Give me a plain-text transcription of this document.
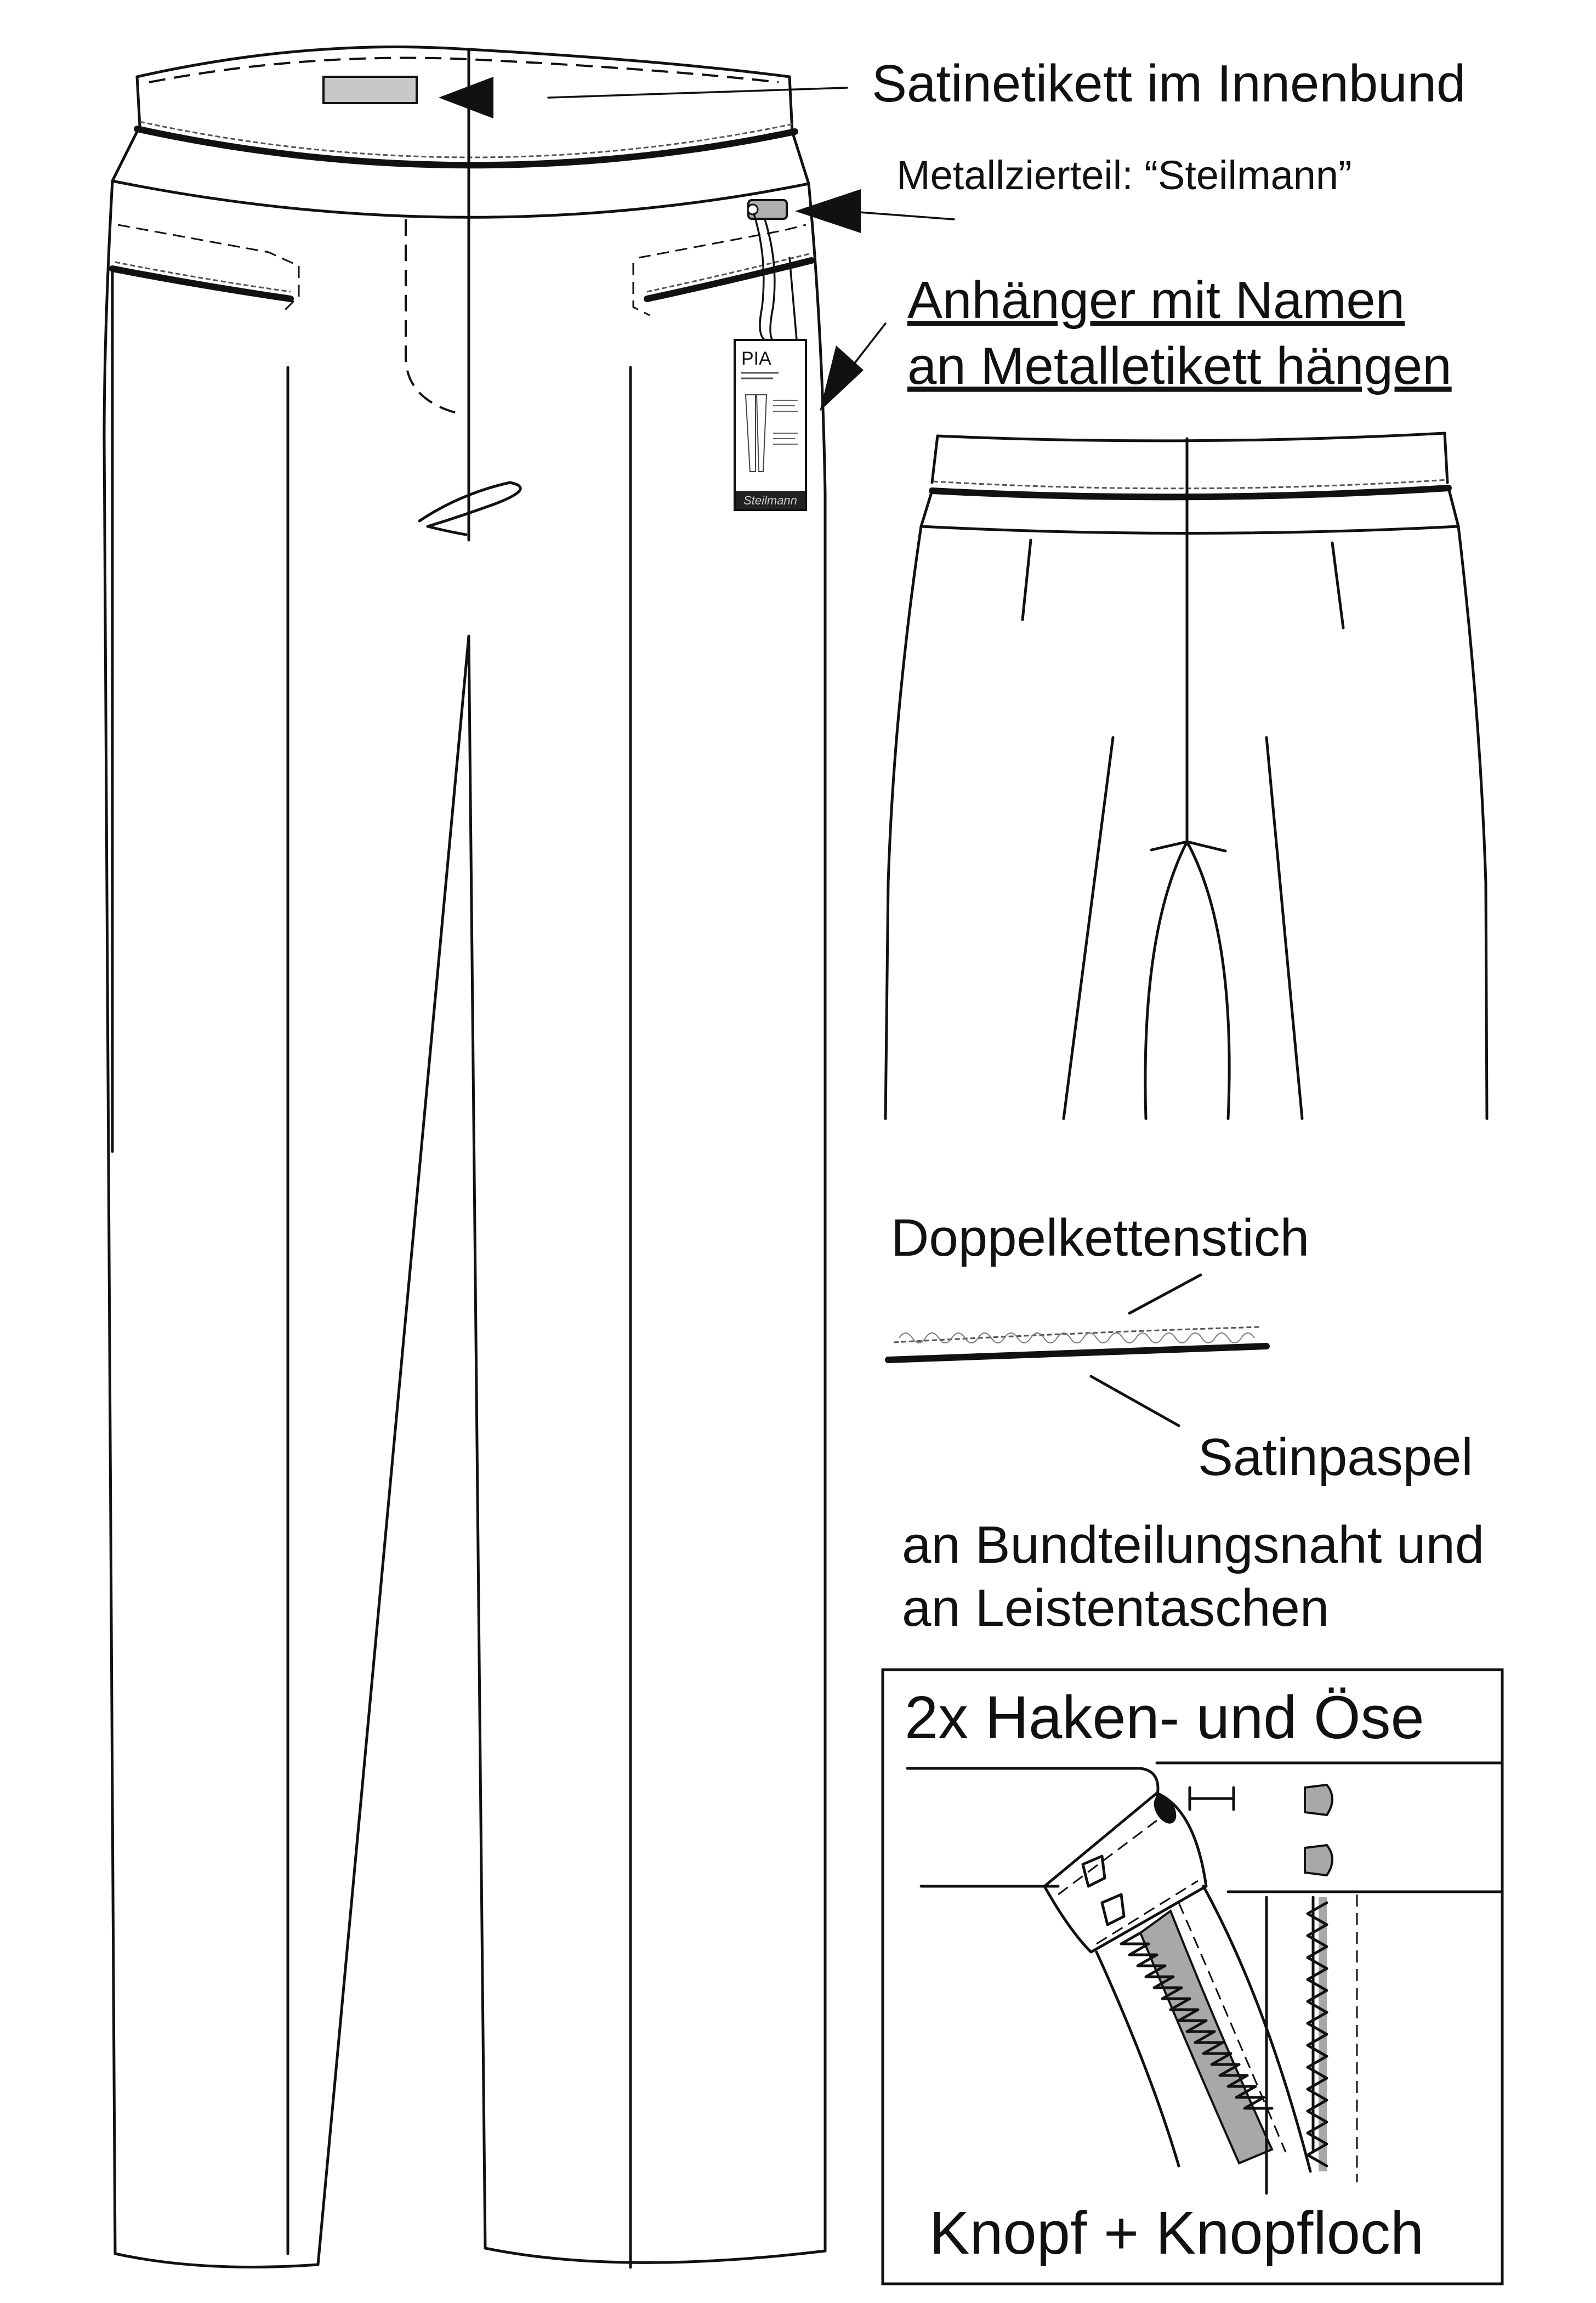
PIA
Steilmann
Satinetikett im Innenbund
Metallzierteil: “Steilmann”
Anhänger mit Namen
an Metalletikett hängen
Doppelkettenstich
Satinpaspel
an Bundteilungsnaht und
an Leistentaschen
2x Haken- und Öse
Knopf + Knopfloch
